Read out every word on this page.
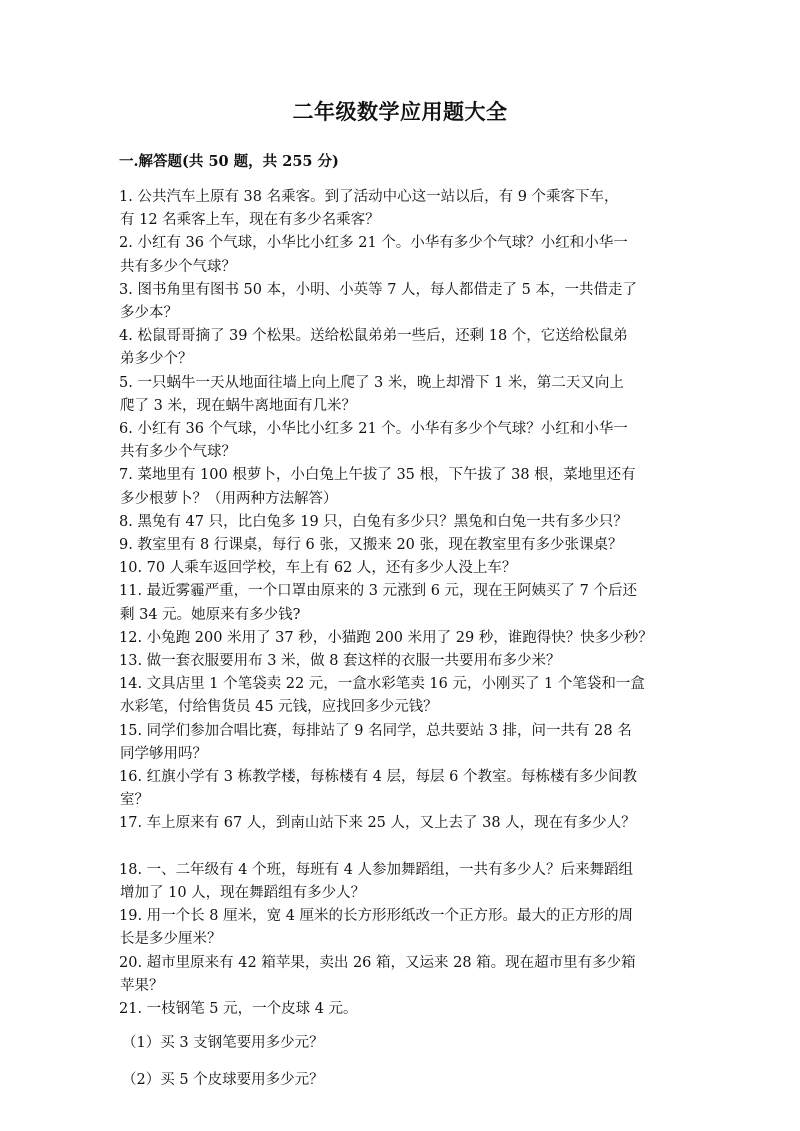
二年级数学应用题大全
一.解答题(共 50 题，共 255 分)
1. 公共汽车上原有 38 名乘客。到了活动中心这一站以后，有 9 个乘客下车，
有 12 名乘客上车，现在有多少名乘客？
2. 小红有 36 个气球，小华比小红多 21 个。小华有多少个气球？小红和小华一
共有多少个气球？
3. 图书角里有图书 50 本，小明、小英等 7 人，每人都借走了 5 本，一共借走了
多少本？
4. 松鼠哥哥摘了 39 个松果。送给松鼠弟弟一些后，还剩 18 个，它送给松鼠弟
弟多少个？
5. 一只蜗牛一天从地面往墙上向上爬了 3 米，晚上却滑下 1 米，第二天又向上
爬了 3 米，现在蜗牛离地面有几米？
6. 小红有 36 个气球，小华比小红多 21 个。小华有多少个气球？小红和小华一
共有多少个气球？
7. 菜地里有 100 根萝卜，小白兔上午拔了 35 根，下午拔了 38 根，菜地里还有
多少根萝卜？（用两种方法解答）
8. 黑兔有 47 只，比白兔多 19 只，白兔有多少只？黑兔和白兔一共有多少只？
9. 教室里有 8 行课桌，每行 6 张，又搬来 20 张，现在教室里有多少张课桌？
10. 70 人乘车返回学校，车上有 62 人，还有多少人没上车？
11. 最近雾霾严重，一个口罩由原来的 3 元涨到 6 元，现在王阿姨买了 7 个后还
剩 34 元。她原来有多少钱?
12. 小兔跑 200 米用了 37 秒，小猫跑 200 米用了 29 秒，谁跑得快？快多少秒？
13. 做一套衣服要用布 3 米，做 8 套这样的衣服一共要用布多少米？
14. 文具店里 1 个笔袋卖 22 元，一盒水彩笔卖 16 元，小刚买了 1 个笔袋和一盒
水彩笔，付给售货员 45 元钱，应找回多少元钱？
15. 同学们参加合唱比赛，每排站了 9 名同学，总共要站 3 排，问一共有 28 名
同学够用吗？
16. 红旗小学有 3 栋教学楼，每栋楼有 4 层，每层 6 个教室。每栋楼有多少间教
室？
17. 车上原来有 67 人，到南山站下来 25 人，又上去了 38 人，现在有多少人？
18. 一、二年级有 4 个班，每班有 4 人参加舞蹈组，一共有多少人？后来舞蹈组
增加了 10 人，现在舞蹈组有多少人？
19. 用一个长 8 厘米，宽 4 厘米的长方形形纸改一个正方形。最大的正方形的周
长是多少厘米？
20. 超市里原来有 42 箱苹果，卖出 26 箱，又运来 28 箱。现在超市里有多少箱
苹果？
21. 一枝钢笔 5 元，一个皮球 4 元。
（1）买 3 支钢笔要用多少元？
（2）买 5 个皮球要用多少元？
